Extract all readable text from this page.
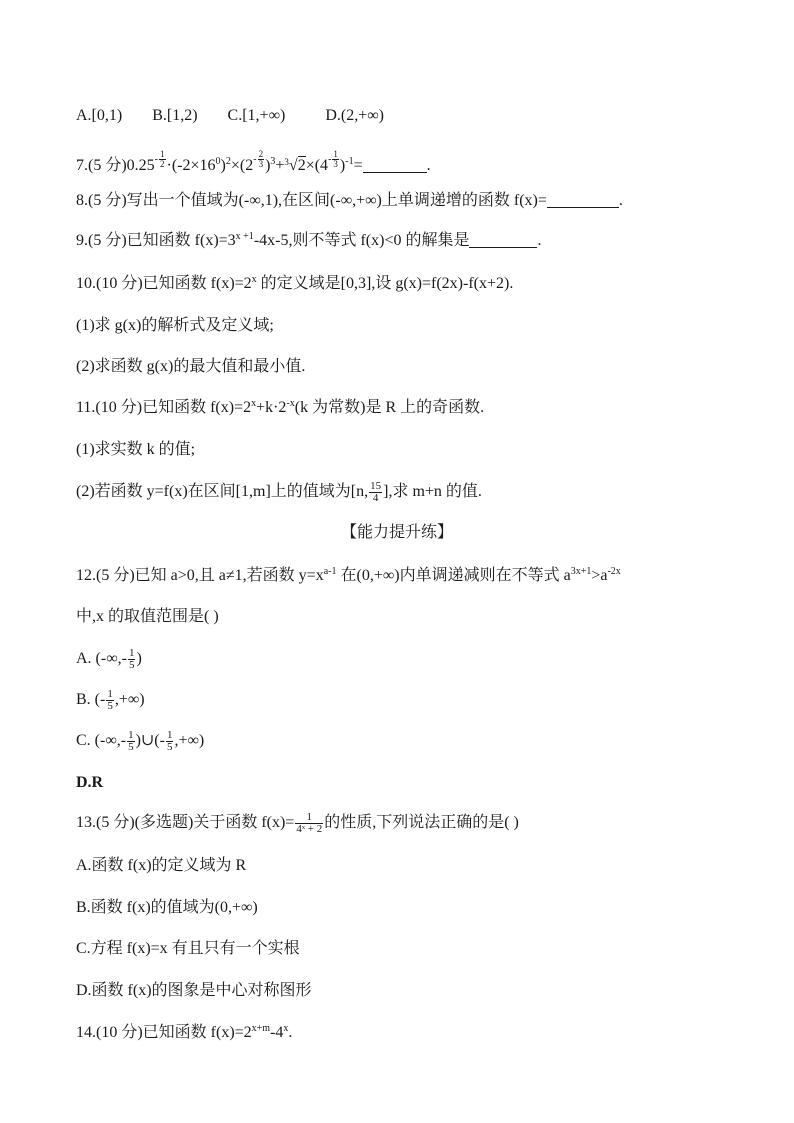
A.[0,1) B.[1,2) C.[1,+∞)	D.(2,+∞)
7.(5 分)$0.25^{- \frac{1}{2}} \cdot(-2\times 16^0)^2\times(2^{- \frac{2}{3}}$ )$^3+^3√2\times(4^{- \frac{1}{3}}$ )$^{-1}$=	.
8.(5 分)写出一个值域为(-∞,1),在区间(-∞,+∞)上单调递增的函数 f(x)=	.
9.(5 分)已知函数 $f(x)=3^{x +1}-4x-5$,则不等式 f(x)<0 的解集是	.
10.(10 分)已知函数 $f(x)=2^x$ 的定义域是[0,3],设 g(x)=f(2x)-f(x+2).
(1)求 g(x)的解析式及定义域;
(2)求函数 g(x)的最大值和最小值.
11.(10 分)已知函数 $f(x)=2^x+k\cdot 2^{-x}(k$ 为常数)是 R 上的奇函数.
(1)求实数 k 的值;
(2)若函数 y=f(x)在区间[1,m]上的值域为[n, $\frac{15}{4}$ ],求 m+n 的值.
【能力提升练】
12.(5 分)已知 a>0,且 a≠1,若函数 $y=x^{a-1}$ 在(0,+∞)内单调递减则在不等式 $a^{3x+1}>a^{-2x}$
中,x 的取值范围是( )
A. (-∞,- $\frac{1}{5}$ )
B. (- $\frac{1}{5}$ ,+∞)
C. (-∞,- $\frac{1}{5}$ )∪(- $\frac{1}{5}$ ,+∞)
D.R
13.(5 分)(多选题)关于函数 $f(x)= \frac{1}{\text{4ˣ + 2}}$ 的性质,下列说法正确的是( )
A.函数 f(x)的定义域为 R
B.函数 f(x)的值域为(0,+∞)
C.方程 f(x)=x 有且只有一个实根
D.函数 f(x)的图象是中心对称图形
14.(10 分)已知函数 $f(x)=2^{x+m}-4^x$.
